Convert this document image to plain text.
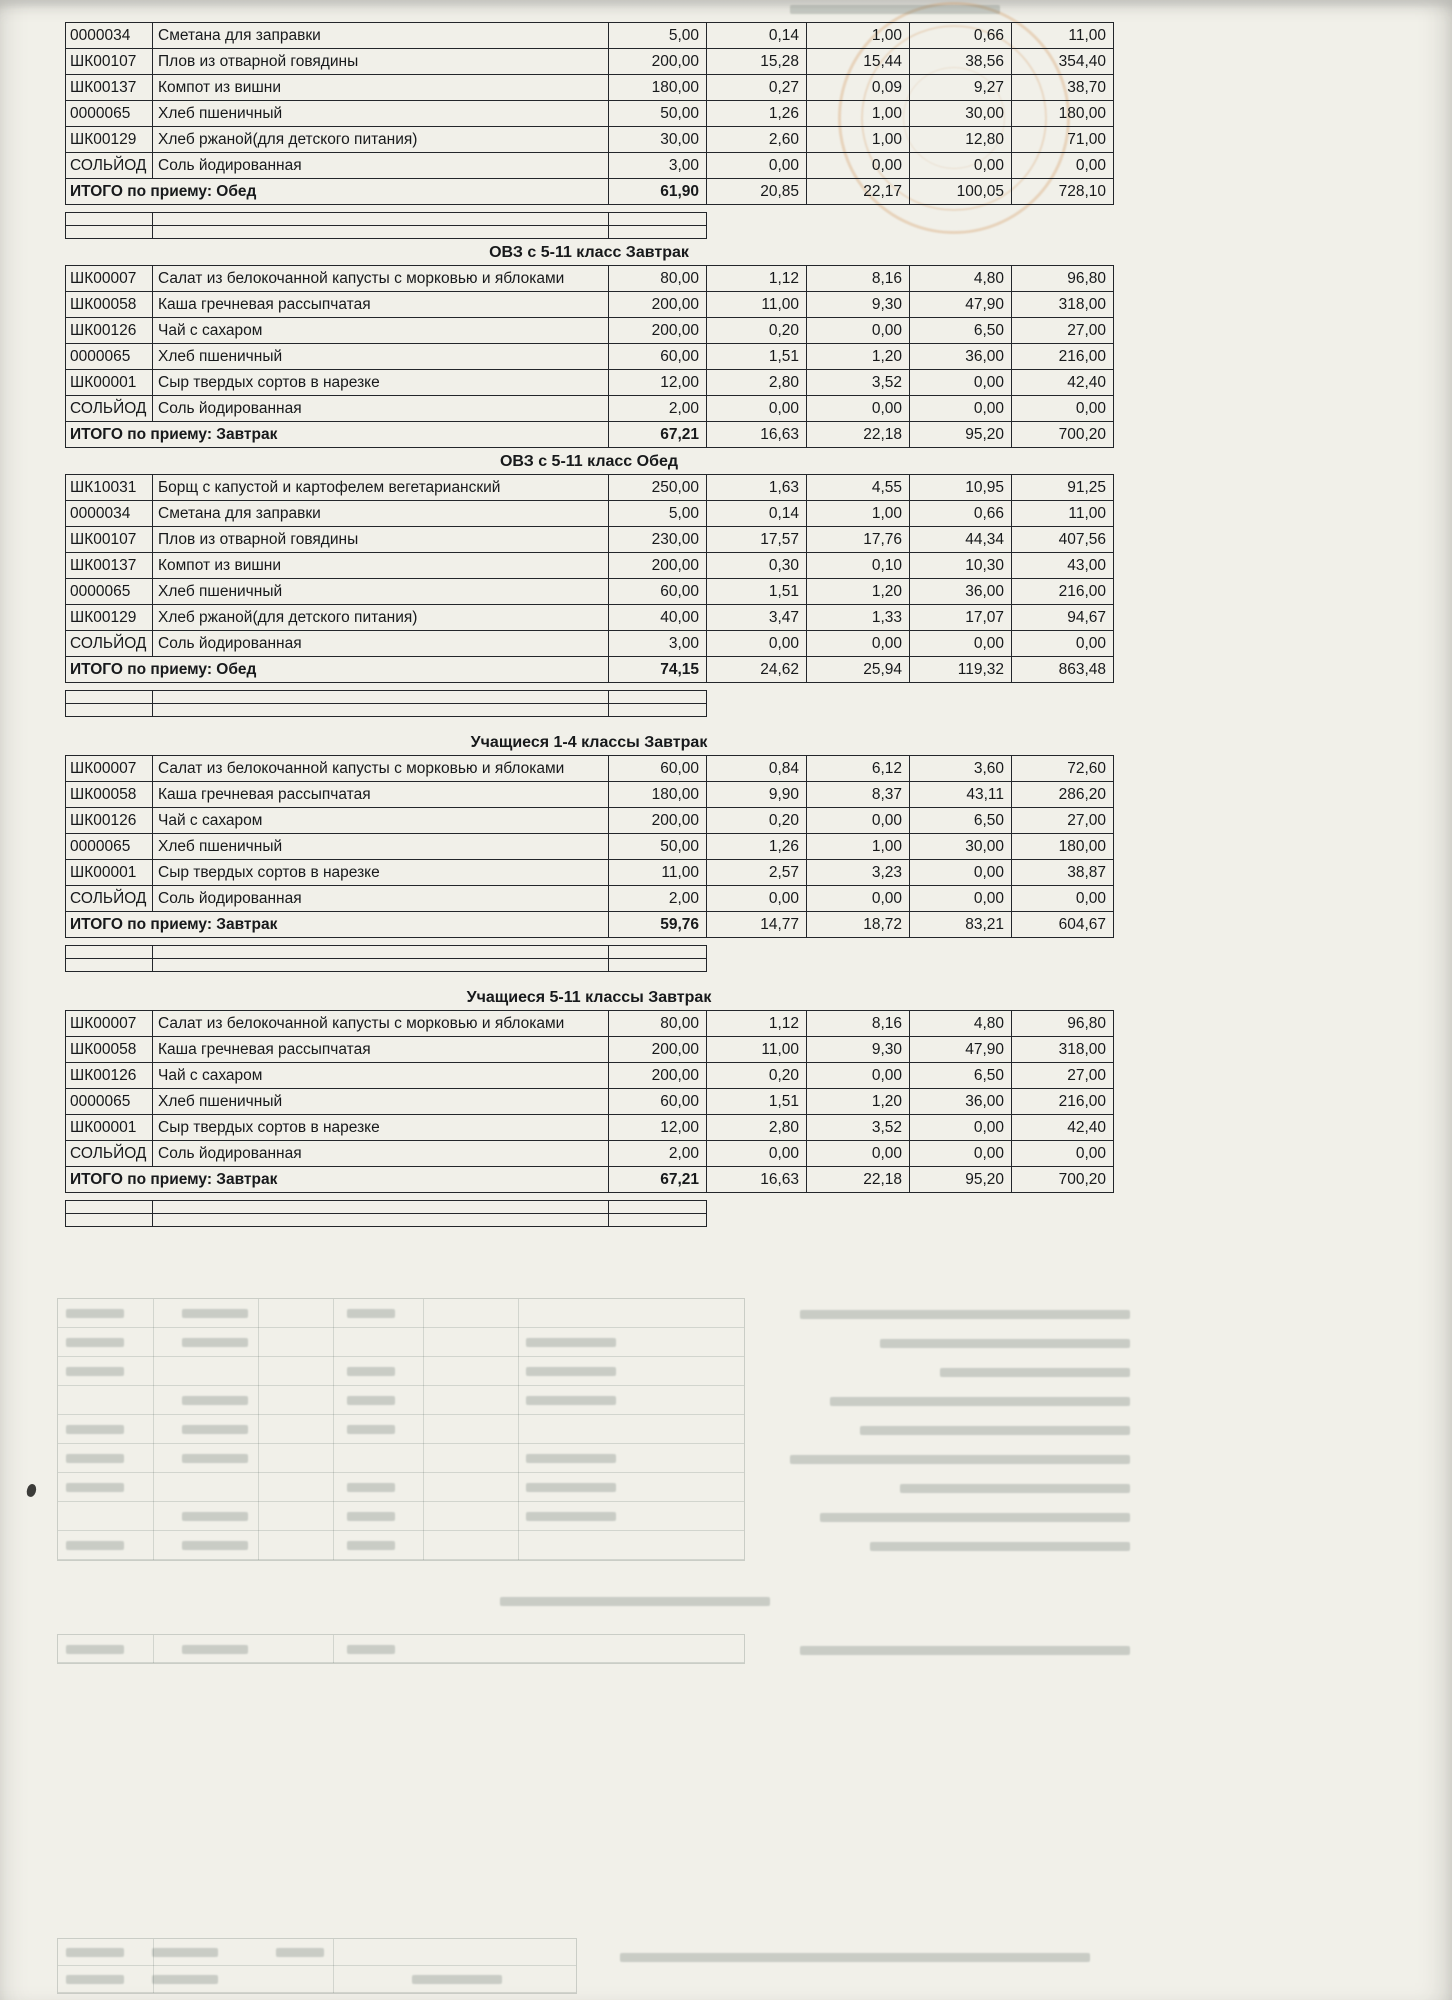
0000034	Сметана для заправки	5,00	0,14	1,00	0,66	11,00
ШК00107	Плов из отварной говядины	200,00	15,28	15,44	38,56	354,40
ШК00137	Компот из вишни	180,00	0,27	0,09	9,27	38,70
0000065	Хлеб пшеничный	50,00	1,26	1,00	30,00	180,00
ШК00129	Хлеб ржаной(для детского питания)	30,00	2,60	1,00	12,80	71,00
СОЛЬЙОД	Соль йодированная	3,00	0,00	0,00	0,00	0,00
ИТОГО по приему: Обед		61,90	20,85	22,17	100,05	728,10

ОВЗ с 5-11 класс Завтрак
ШК00007	Салат из белокочанной капусты с морковью и яблоками	80,00	1,12	8,16	4,80	96,80
ШК00058	Каша гречневая рассыпчатая	200,00	11,00	9,30	47,90	318,00
ШК00126	Чай с сахаром	200,00	0,20	0,00	6,50	27,00
0000065	Хлеб пшеничный	60,00	1,51	1,20	36,00	216,00
ШК00001	Сыр твердых сортов в нарезке	12,00	2,80	3,52	0,00	42,40
СОЛЬЙОД	Соль йодированная	2,00	0,00	0,00	0,00	0,00
ИТОГО по приему: Завтрак		67,21	16,63	22,18	95,20	700,20
ОВЗ с 5-11 класс Обед
ШК10031	Борщ с капустой и картофелем вегетарианский	250,00	1,63	4,55	10,95	91,25
0000034	Сметана для заправки	5,00	0,14	1,00	0,66	11,00
ШК00107	Плов из отварной говядины	230,00	17,57	17,76	44,34	407,56
ШК00137	Компот из вишни	200,00	0,30	0,10	10,30	43,00
0000065	Хлеб пшеничный	60,00	1,51	1,20	36,00	216,00
ШК00129	Хлеб ржаной(для детского питания)	40,00	3,47	1,33	17,07	94,67
СОЛЬЙОД	Соль йодированная	3,00	0,00	0,00	0,00	0,00
ИТОГО по приему: Обед		74,15	24,62	25,94	119,32	863,48

Учащиеся 1-4 классы Завтрак
ШК00007	Салат из белокочанной капусты с морковью и яблоками	60,00	0,84	6,12	3,60	72,60
ШК00058	Каша гречневая рассыпчатая	180,00	9,90	8,37	43,11	286,20
ШК00126	Чай с сахаром	200,00	0,20	0,00	6,50	27,00
0000065	Хлеб пшеничный	50,00	1,26	1,00	30,00	180,00
ШК00001	Сыр твердых сортов в нарезке	11,00	2,57	3,23	0,00	38,87
СОЛЬЙОД	Соль йодированная	2,00	0,00	0,00	0,00	0,00
ИТОГО по приему: Завтрак		59,76	14,77	18,72	83,21	604,67

Учащиеся 5-11 классы Завтрак
ШК00007	Салат из белокочанной капусты с морковью и яблоками	80,00	1,12	8,16	4,80	96,80
ШК00058	Каша гречневая рассыпчатая	200,00	11,00	9,30	47,90	318,00
ШК00126	Чай с сахаром	200,00	0,20	0,00	6,50	27,00
0000065	Хлеб пшеничный	60,00	1,51	1,20	36,00	216,00
ШК00001	Сыр твердых сортов в нарезке	12,00	2,80	3,52	0,00	42,40
СОЛЬЙОД	Соль йодированная	2,00	0,00	0,00	0,00	0,00
ИТОГО по приему: Завтрак		67,21	16,63	22,18	95,20	700,20
